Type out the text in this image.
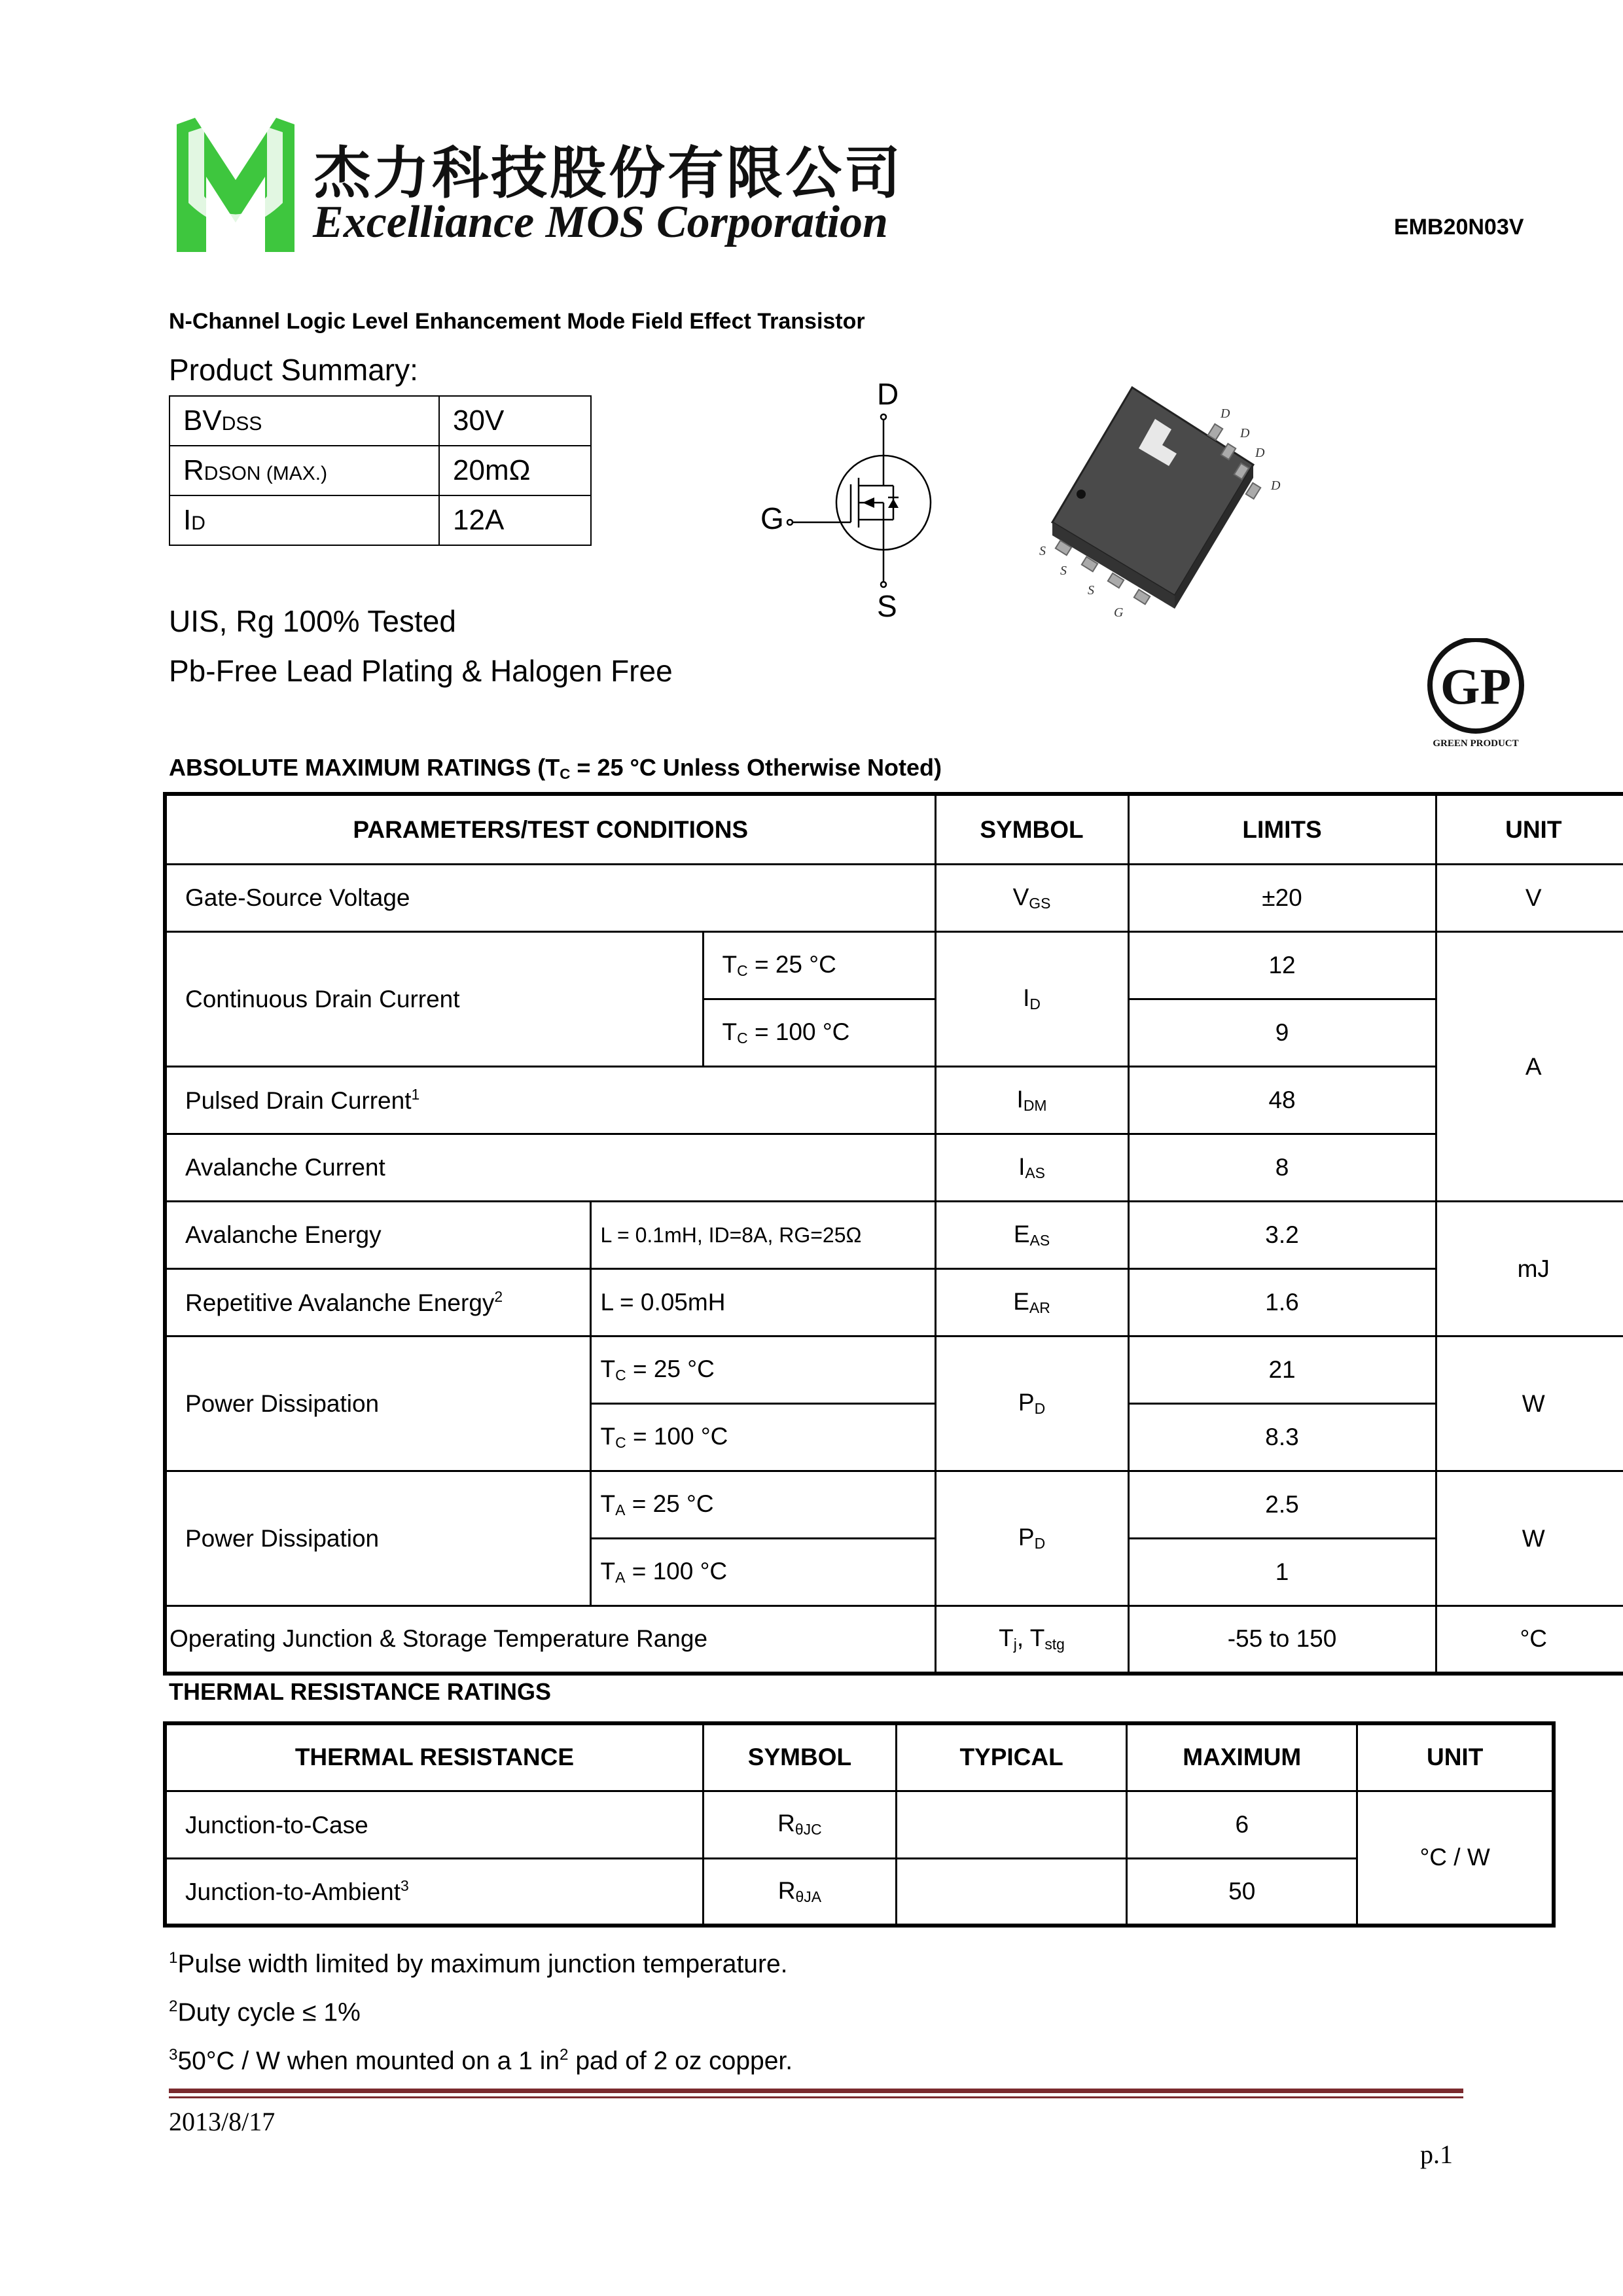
杰力科技股份有限公司
Excelliance MOS Corporation	EMB20N03V
N-Channel Logic Level Enhancement Mode Field Effect Transistor
Product Summary:
BVDSS	30V
RDSON (MAX.)	20mΩ
ID	12A
UIS, Rg 100% Tested
Pb-Free Lead Plating & Halogen Free
D
G
S
D
D
D
D
S
S
S
G
GP
GREEN PRODUCT
ABSOLUTE MAXIMUM RATINGS ($T_C = 25$ °C Unless Otherwise Noted)
PARAMETERS/TEST CONDITIONS			SYMBOL	LIMITS	UNIT
Gate-Source Voltage			$V_{GS}$	±20	V
Continuous Drain Current		$T_C = 25$ °C	$I_D$	12	A
		$T_C = 100$ °C		9	
Pulsed Drain Current$^1$			$I_{DM}$	48	
Avalanche Current			$I_{AS}$	8	
Avalanche Energy	L = 0.1mH, ID=8A, RG=25Ω		$E_{AS}$	3.2	mJ
Repetitive Avalanche Energy$^2$	L = 0.05mH		$E_{AR}$	1.6	
Power Dissipation	$T_C = 25$ °C		$P_D$	21	W
	$T_C = 100$ °C			8.3	
Power Dissipation	$T_A = 25$ °C		$P_D$	2.5	W
	$T_A = 100$ °C			1	
Operating Junction & Storage Temperature Range			$T_j$, $T_{stg}$	-55 to 150	°C
THERMAL RESISTANCE RATINGS
THERMAL RESISTANCE	SYMBOL	TYPICAL	MAXIMUM	UNIT
Junction-to-Case	$R_{\theta JC}$		6	°C / W
Junction-to-Ambient$^3$	$R_{\theta JA}$		50	
$^1$Pulse width limited by maximum junction temperature.
$^2$Duty cycle ≤ 1%
$^3$50°C / W when mounted on a 1 $in^2$ pad of 2 oz copper.
2013/8/17
p.1
